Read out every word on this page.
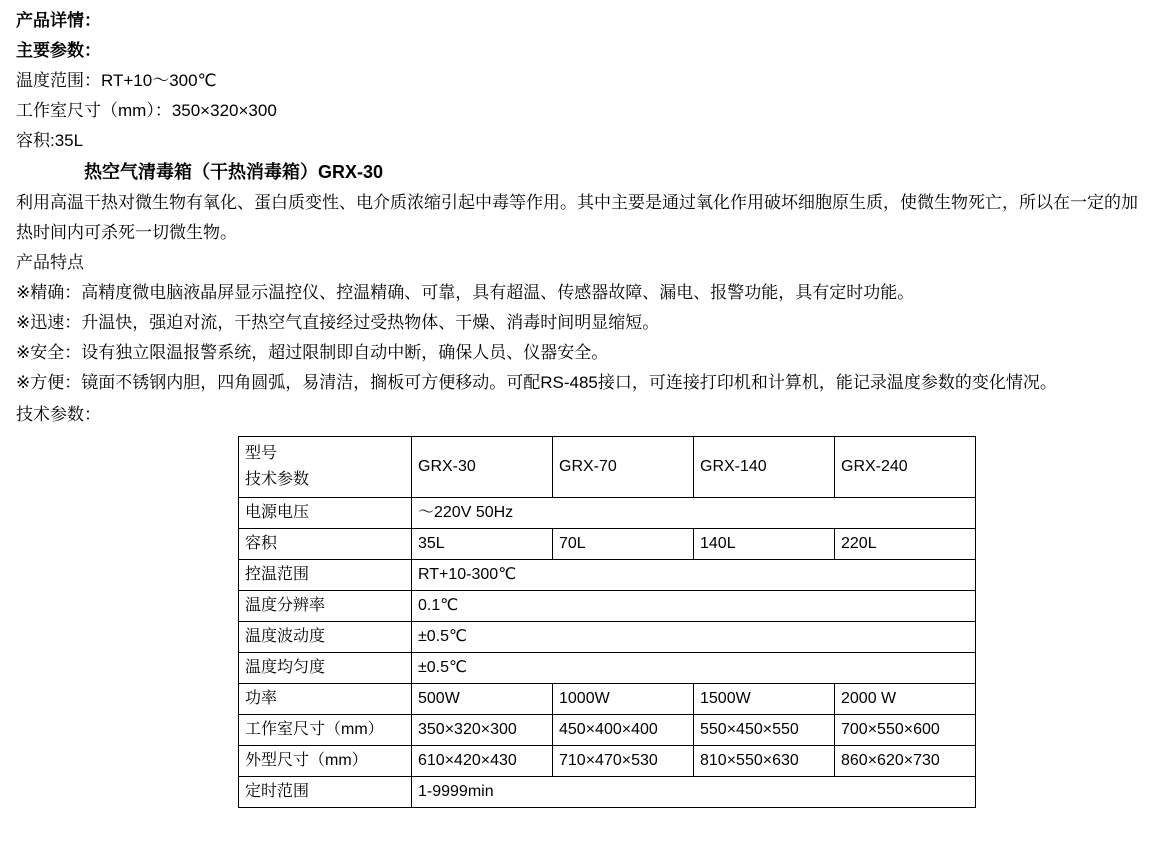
产品详情：
主要参数：
温度范围：RT+10～300℃
工作室尺寸（mm）：350×320×300
容积:35L
热空气清毒箱（干热消毒箱）GRX-30
利用高温干热对微生物有氧化、蛋白质变性、电介质浓缩引起中毒等作用。其中主要是通过氧化作用破坏细胞原生质，使微生物死亡，所以在一定的加热时间内可杀死一切微生物。
产品特点
※精确：高精度微电脑液晶屏显示温控仪、控温精确、可靠，具有超温、传感器故障、漏电、报警功能，具有定时功能。
※迅速：升温快，强迫对流，干热空气直接经过受热物体、干燥、消毒时间明显缩短。
※安全：设有独立限温报警系统，超过限制即自动中断，确保人员、仪器安全。
※方便：镜面不锈钢内胆，四角圆弧，易清洁，搁板可方便移动。可配RS-485接口，可连接打印机和计算机，能记录温度参数的变化情况。
技术参数：
型号
技术参数	GRX-30	GRX-70	GRX-140	GRX-240
电源电压	～220V 50Hz			
容积	35L	70L	140L	220L
控温范围	RT+10-300℃			
温度分辨率	0.1℃			
温度波动度	±0.5℃			
温度均匀度	±0.5℃			
功率	500W	1000W	1500W	2000 W
工作室尺寸（mm）	350×320×300	450×400×400	550×450×550	700×550×600
外型尺寸（mm）	610×420×430	710×470×530	810×550×630	860×620×730
定时范围	1-9999min			
